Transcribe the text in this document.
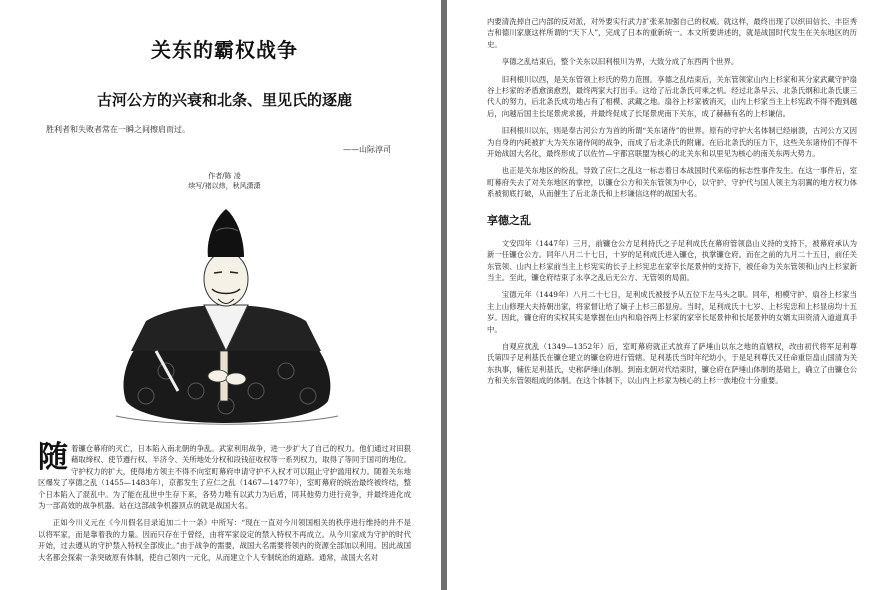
关东的霸权战争
古河公方的兴衰和北条、里见氏的逐鹿
胜利者和失败者常在一瞬之间擦肩而过。
——山际淳司
作者/陈 凌
续写/褚以炜，秋风潇潇
随着镰仓幕府的灭亡，日本陷入南北朝的争乱。武家利用战争，进一步扩大了自己的权力。他们通过对田狠藉取缔权、使节遵行权、半济令、关所地处分权和段钱征收权等一系列权力，取得了等同于国司的地位。守护权力的扩大，使得地方领主不得不向室町幕府申请守护不入权才可以阻止守护滥用权力。随着关东地区爆发了享德之乱（1455—1483年），京都发生了应仁之乱（1467—1477年），室町幕府的统治最终被终结，整个日本陷入了混乱中。为了能在乱世中生存下来，各势力唯有以武力为后盾，同其他势力进行竞争，并最终进化成为一部高效的战争机器。站在这部战争机器顶点的就是战国大名。

正如今川义元在《今川假名目录追加二十一条》中所写：“现在一直对今川领国相关的秩序进行维持的并不是以将军家，而是靠着我的力量。因而只存在于曾经，由将军家设定的禁入特权不再成立。从今川家成为守护的时代开始，过去遵从的守护禁入特权全部废止。”由于战争的需要，战国大名需要将领内的资源全部加以利用。因此战国大名都会探索一条突破原有体制，使自己领内一元化，从而建立个人专制统治的道路。通常，战国大名对

内要清洗掉自己内部的反对派，对外要实行武力扩张来加强自己的权威。就这样，最终出现了以织田信长、丰臣秀吉和德川家康这样所谓的“天下人”，完成了日本的重新统一。本文所要讲述的，就是战国时代发生在关东地区的历史。

享德之乱结束后，整个关东以旧利根川为界，大致分成了东西两个世界。

旧利根川以西，是关东管领上杉氏的势力范围。享德之乱结束后，关东管领家山内上杉家和其分家武藏守护扇谷上杉家的矛盾愈演愈烈，最终两家大打出手。这给了后北条氏可乘之机。经过北条早云、北条氏纲和北条氏康三代人的努力，后北条氏成功地占有了相模、武藏之地。扇谷上杉家被消灭，山内上杉家当主上杉宪政不得不跑到越后，向越后国主长尾景虎求援，并最终促成了长尾景虎南下关东，成了赫赫有名的上杉谦信。

旧利根川以东，则是奉古河公方为首的所谓“关东诸侍”的世界。原有的守护大名体制已经崩溃，古河公方又因为自身的内耗被扩大为关东诸侍间的战争，而成了后北条氏的附庸。在后北条氏的压力下，这些关东诸侍们不得不开始战国大名化，最终形成了以佐竹—宇都宫联盟为核心的北关东和以里见为核心的南关东两大势力。

也正是关东地区的纷乱，导致了应仁之乱这一标志着日本战国时代来临的标志性事件发生。在这一事件后，室町幕府失去了对关东地区的掌控，以镰仓公方和关东管领为中心，以守护、守护代与国人领主为羽翼的地方权力体系被彻底打破，从而催生了后北条氏和上杉谦信这样的战国大名。

享德之乱

文安四年（1447年）三月，前镰仓公方足利持氏之子足利成氏在幕府管领畠山义持的支持下，被幕府承认为新一任镰仓公方。同年八月二十七日，十岁的足利成氏进入镰仓，执掌镰仓府。而在之前的九月二十五日，前任关东管领、山内上杉家前当主上杉宪实的长子上杉宪忠在家宰长尾景仲的支持下，被任命为关东管领和山内上杉家新当主。至此，镰仓府结束了永享之乱后无公方、无管领的局面。

宝德元年（1449年）八月二十七日，足利成氏被授予从五位下左马头之职。同年，相模守护、扇谷上杉家当主上山修理大夫持朝出家，将家督让给了嫡子上杉三郎显房。当时，足利成氏十七岁、上杉宪忠和上杉显房均十五岁。因此，镰仓府的实权其实是掌握在山内和扇谷两上杉家的家宰长尾景仲和长尾景仲的女婿太田资清入道道真手中。

自观应扰乱（1349—1352年）后，室町幕府就正式放弃了萨埵山以东之地的直辖权，改由初代将军足利尊氏第四子足利基氏在镰仓建立的镰仓府进行管辖。足利基氏当时年纪幼小，于是足利尊氏又任命重臣畠山国清为关东执事，辅佐足利基氏，史称萨埵山体制。到南北朝对代结束时，镰仓府在萨埵山体制的基础上，确立了由镰仓公方和关东管领组成的体制。在这个体制下，以山内上杉家为核心的上杉一族地位十分重要。
